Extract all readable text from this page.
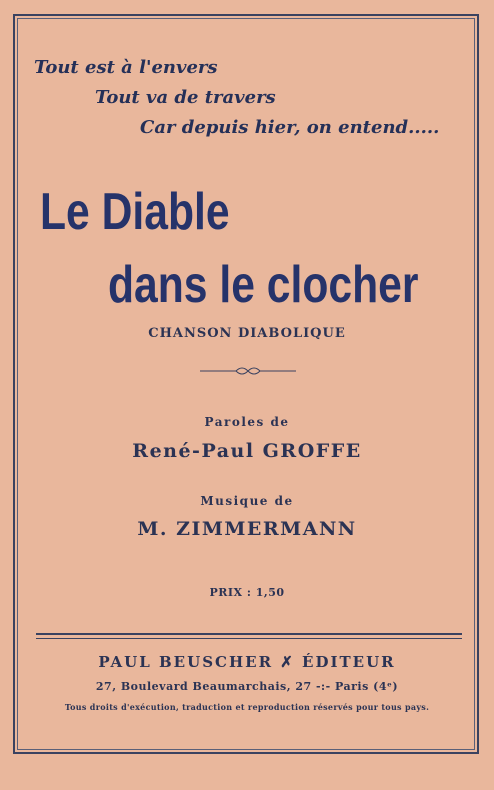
Tout est à l'envers
Tout va de travers
Car depuis hier, on entend.....
Le Diable
dans le clocher
CHANSON DIABOLIQUE
Paroles de
René-Paul GROFFE
Musique de
M. ZIMMERMANN
PRIX : 1,50
PAUL BEUSCHER ✗ ÉDITEUR
27, Boulevard Beaumarchais, 27 -:- Paris (4ᵉ)
Tous droits d'exécution, traduction et reproduction réservés pour tous pays.
